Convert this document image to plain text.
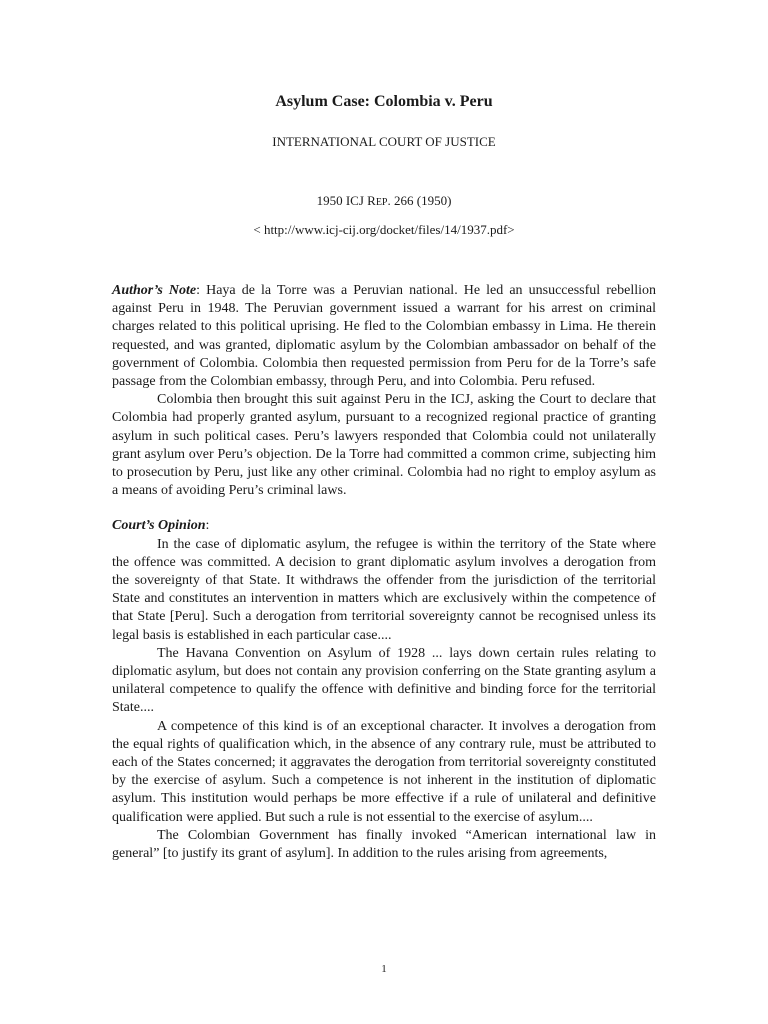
Asylum Case: Colombia v. Peru
INTERNATIONAL COURT OF JUSTICE
1950 ICJ REP. 266 (1950)
< http://www.icj-cij.org/docket/files/14/1937.pdf>

Author’s Note: Haya de la Torre was a Peruvian national. He led an unsuccessful rebellion against Peru in 1948. The Peruvian government issued a warrant for his arrest on criminal charges related to this political uprising. He fled to the Colombian embassy in Lima. He therein requested, and was granted, diplomatic asylum by the Colombian ambassador on behalf of the government of Colombia. Colombia then requested permission from Peru for de la Torre’s safe passage from the Colombian embassy, through Peru, and into Colombia. Peru refused.

Colombia then brought this suit against Peru in the ICJ, asking the Court to declare that Colombia had properly granted asylum, pursuant to a recognized regional practice of granting asylum in such political cases. Peru’s lawyers responded that Colombia could not unilaterally grant asylum over Peru’s objection. De la Torre had committed a common crime, subjecting him to prosecution by Peru, just like any other criminal. Colombia had no right to employ asylum as a means of avoiding Peru’s criminal laws.

Court’s Opinion:

In the case of diplomatic asylum, the refugee is within the territory of the State where the offence was committed. A decision to grant diplomatic asylum involves a derogation from the sovereignty of that State. It withdraws the offender from the jurisdiction of the territorial State and constitutes an intervention in matters which are exclusively within the competence of that State [Peru]. Such a derogation from territorial sovereignty cannot be recognised unless its legal basis is established in each particular case....

The Havana Convention on Asylum of 1928 ... lays down certain rules relating to diplomatic asylum, but does not contain any provision conferring on the State granting asylum a unilateral competence to qualify the offence with definitive and binding force for the territorial State....

A competence of this kind is of an exceptional character. It involves a derogation from the equal rights of qualification which, in the absence of any contrary rule, must be attributed to each of the States concerned; it aggravates the derogation from territorial sovereignty constituted by the exercise of asylum. Such a competence is not inherent in the institution of diplomatic asylum. This institution would perhaps be more effective if a rule of unilateral and definitive qualification were applied. But such a rule is not essential to the exercise of asylum....

The Colombian Government has finally invoked “American international law in general” [to justify its grant of asylum]. In addition to the rules arising from agreements,

1
